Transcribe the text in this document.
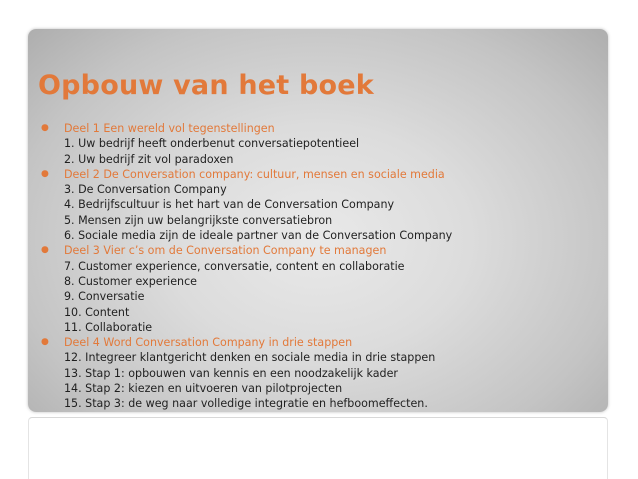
Opbouw van het boek
● Deel 1 Een wereld vol tegenstellingen
1. Uw bedrijf heeft onderbenut conversatiepotentieel
2. Uw bedrijf zit vol paradoxen
● Deel 2 De Conversation company: cultuur, mensen en sociale media
3. De Conversation Company
4. Bedrijfscultuur is het hart van de Conversation Company
5. Mensen zijn uw belangrijkste conversatiebron
6. Sociale media zijn de ideale partner van de Conversation Company
● Deel 3 Vier c’s om de Conversation Company te managen
7. Customer experience, conversatie, content en collaboratie
8. Customer experience
9. Conversatie
10. Content
11. Collaboratie
● Deel 4 Word Conversation Company in drie stappen
12. Integreer klantgericht denken en sociale media in drie stappen
13. Stap 1: opbouwen van kennis en een noodzakelijk kader
14. Stap 2: kiezen en uitvoeren van pilotprojecten
15. Stap 3: de weg naar volledige integratie en hefboomeffecten.
